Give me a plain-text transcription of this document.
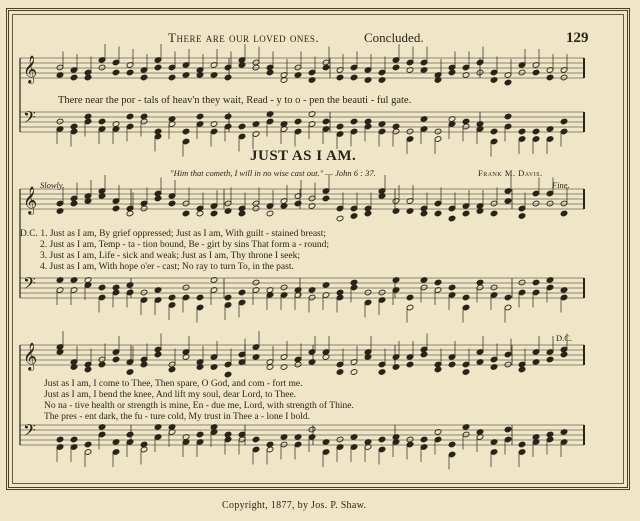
𝄞
𝄢
𝄞
𝄢
𝄞
𝄢
There are our loved ones.	Concluded.	129
There near the por - tals of heav'n they wait, Read - y to o - pen the beauti - ful gate.
JUST AS I AM.
"Him that cometh, I will in no wise cast out." — John 6 : 37.	Frank M. Davis.
Slowly.	Fine.
D.C. 1. Just as I am, By grief oppressed; Just as I am, With guilt - stained breast;
2. Just as I am, Temp - ta - tion bound, Be - girt by sins That form a - round;
3. Just as I am, Life - sick and weak; Just as I am, Thy throne I seek;
4. Just as I am, With hope o'er - cast; No ray to turn To, in the past.
D.C.
Just as I am, I come to Thee, Then spare, O God, and com - fort me.
Just as I am, I bend the knee, And lift my soul, dear Lord, to Thee.
No na - tive health or strength is mine, En - due me, Lord, with strength of Thine.
The pres - ent dark, the fu - ture cold, My trust in Thee a - lone I bold.
Copyright, 1877, by Jos. P. Shaw.
